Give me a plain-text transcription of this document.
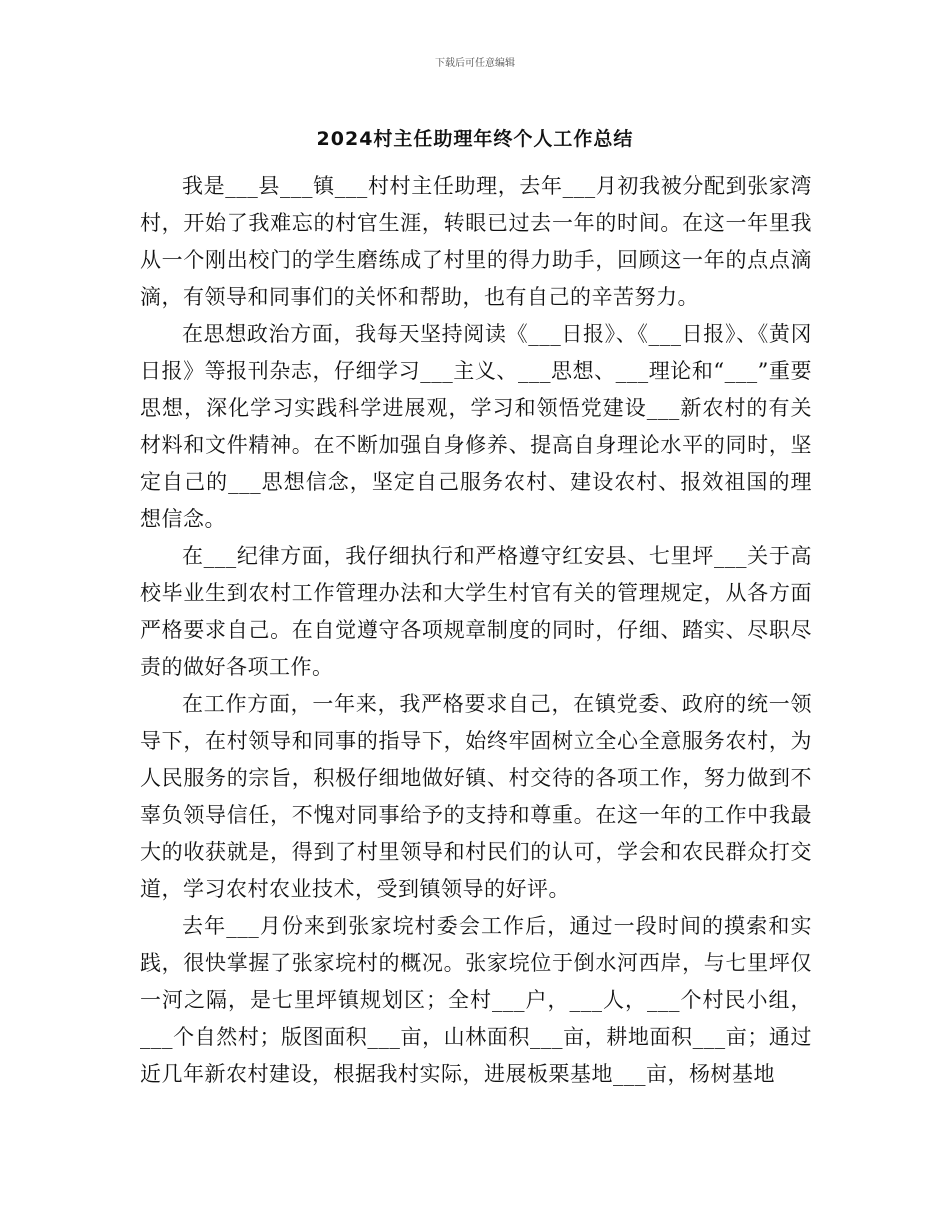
下载后可任意编辑
2024村主任助理年终个人工作总结

我是___县___镇___村村主任助理，去年___月初我被分配到张家湾村，开始了我难忘的村官生涯，转眼已过去一年的时间。在这一年里我从一个刚出校门的学生磨练成了村里的得力助手，回顾这一年的点点滴滴，有领导和同事们的关怀和帮助，也有自己的辛苦努力。

在思想政治方面，我每天坚持阅读《___日报》、《___日报》、《黄冈日报》等报刊杂志，仔细学习___主义、___思想、___理论和“___”重要思想，深化学习实践科学进展观，学习和领悟党建设___新农村的有关材料和文件精神。在不断加强自身修养、提高自身理论水平的同时，坚定自己的___思想信念，坚定自己服务农村、建设农村、报效祖国的理想信念。

在___纪律方面，我仔细执行和严格遵守红安县、七里坪___关于高校毕业生到农村工作管理办法和大学生村官有关的管理规定，从各方面严格要求自己。在自觉遵守各项规章制度的同时，仔细、踏实、尽职尽责的做好各项工作。

在工作方面，一年来，我严格要求自己，在镇党委、政府的统一领导下，在村领导和同事的指导下，始终牢固树立全心全意服务农村，为人民服务的宗旨，积极仔细地做好镇、村交待的各项工作，努力做到不辜负领导信任，不愧对同事给予的支持和尊重。在这一年的工作中我最大的收获就是，得到了村里领导和村民们的认可，学会和农民群众打交道，学习农村农业技术，受到镇领导的好评。

去年___月份来到张家垸村委会工作后，通过一段时间的摸索和实践，很快掌握了张家垸村的概况。张家垸位于倒水河西岸，与七里坪仅一河之隔，是七里坪镇规划区；全村___户，___人，___个村民小组，___个自然村；版图面积___亩，山林面积___亩，耕地面积___亩；通过近几年新农村建设，根据我村实际，进展板栗基地___亩，杨树基地
